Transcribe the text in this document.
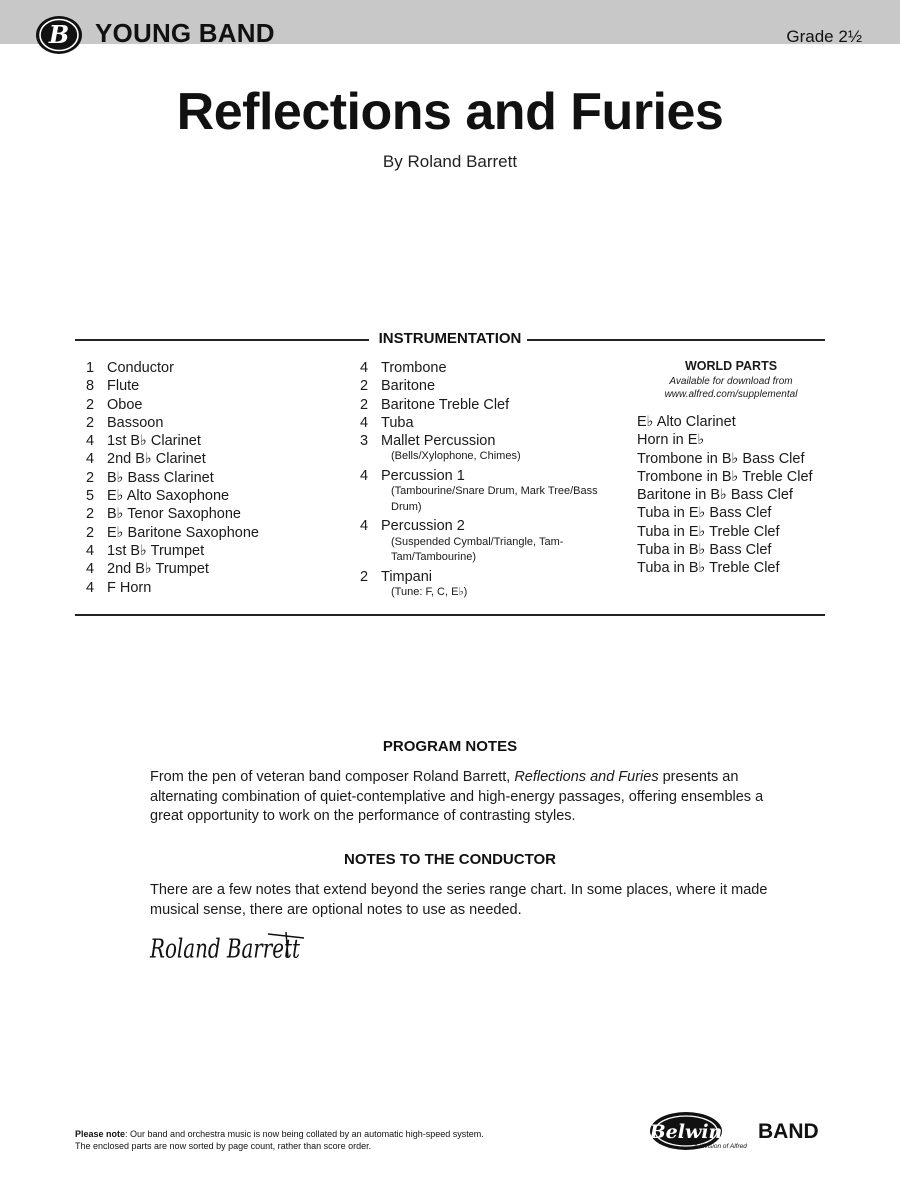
B YOUNG BAND	Grade 2½
Reflections and Furies
By Roland Barrett
INSTRUMENTATION
1 Conductor
8 Flute
2 Oboe
2 Bassoon
4 1st B♭ Clarinet
4 2nd B♭ Clarinet
2 B♭ Bass Clarinet
5 E♭ Alto Saxophone
2 B♭ Tenor Saxophone
2 E♭ Baritone Saxophone
4 1st B♭ Trumpet
4 2nd B♭ Trumpet
4 F Horn
4 Trombone
2 Baritone
2 Baritone Treble Clef
4 Tuba
3 Mallet Percussion
(Bells/Xylophone, Chimes)
4 Percussion 1
(Tambourine/Snare Drum, Mark Tree/Bass Drum)
4 Percussion 2
(Suspended Cymbal/Triangle, Tam-Tam/Tambourine)
2 Timpani
(Tune: F, C, E♭)
WORLD PARTS
Available for download from
www.alfred.com/supplemental
E♭ Alto Clarinet
Horn in E♭
Trombone in B♭ Bass Clef
Trombone in B♭ Treble Clef
Baritone in B♭ Bass Clef
Tuba in E♭ Bass Clef
Tuba in E♭ Treble Clef
Tuba in B♭ Bass Clef
Tuba in B♭ Treble Clef
PROGRAM NOTES
From the pen of veteran band composer Roland Barrett, Reflections and Furies presents an alternating combination of quiet-contemplative and high-energy passages, offering ensembles a great opportunity to work on the performance of contrasting styles.
NOTES TO THE CONDUCTOR
There are a few notes that extend beyond the series range chart. In some places, where it made musical sense, there are optional notes to use as needed.
Roland Barrett
Please note: Our band and orchestra music is now being collated by an automatic high-speed system.
The enclosed parts are now sorted by page count, rather than score order.
Belwin BAND
a division of Alfred
